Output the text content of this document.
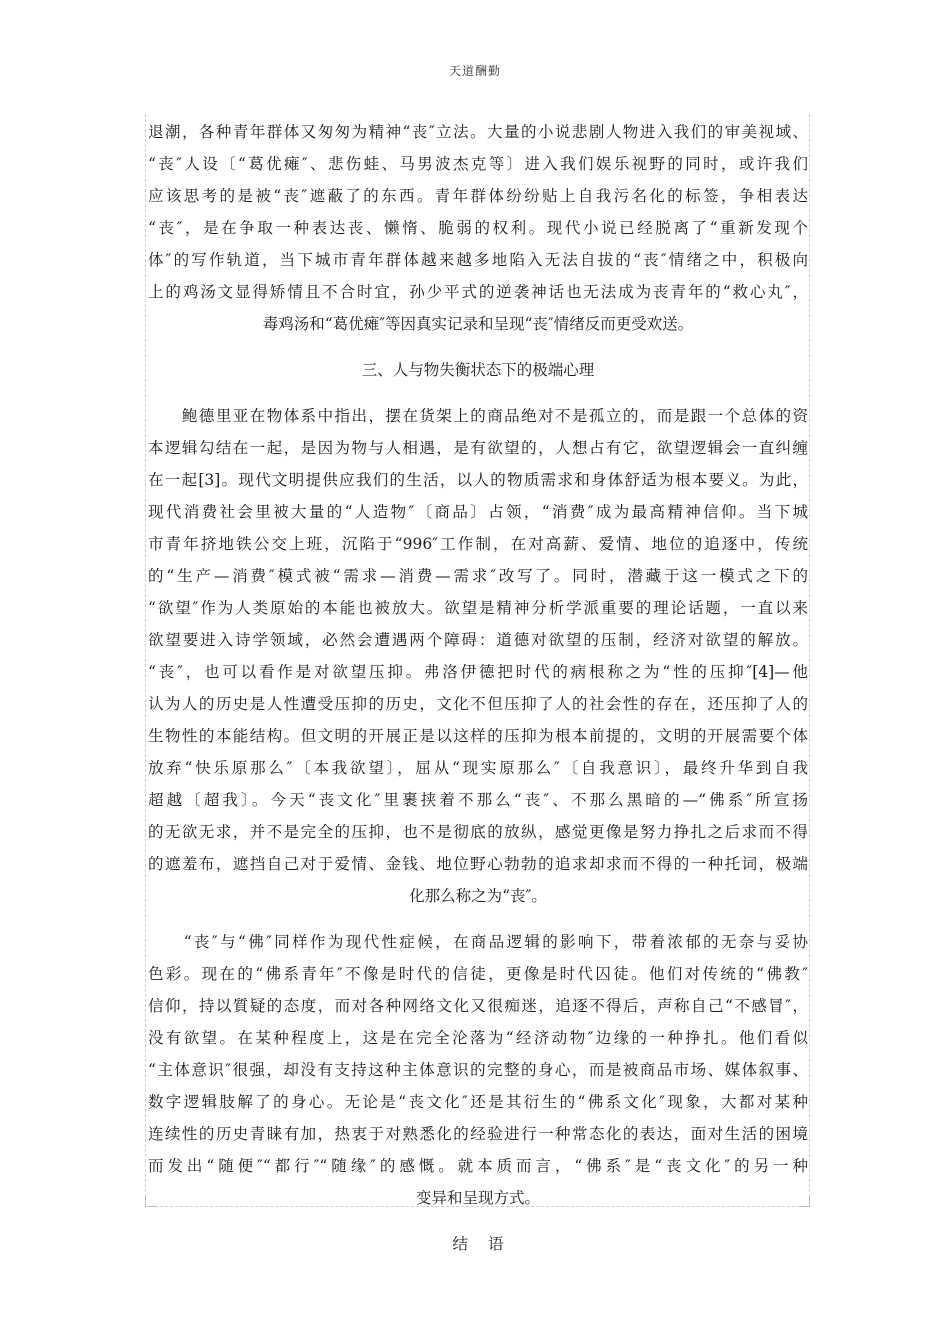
天道酬勤
退潮，各种青年群体又匆匆为精神“丧″立法。大量的小说悲剧人物进入我们的审美视域、
“丧″人设〔“葛优瘫″、悲伤蛙、马男波杰克等〕进入我们娱乐视野的同时，或许我们
应该思考的是被“丧″遮蔽了的东西。青年群体纷纷贴上自我污名化的标签，争相表达
“丧″，是在争取一种表达丧、懒惰、脆弱的权利。现代小说已经脱离了“重新发现个
体″的写作轨道，当下城市青年群体越来越多地陷入无法自拔的“丧″情绪之中，积极向
上的鸡汤文显得矫情且不合时宜，孙少平式的逆袭神话也无法成为丧青年的“救心丸″，
毒鸡汤和“葛优瘫″等因真实记录和呈现“丧″情绪反而更受欢送。
三、人与物失衡状态下的极端心理
　　鲍德里亚在物体系中指出，摆在货架上的商品绝对不是孤立的，而是跟一个总体的资
本逻辑勾结在一起，是因为物与人相遇，是有欲望的，人想占有它，欲望逻辑会一直纠缠
在一起[3]。现代文明提供应我们的生活，以人的物质需求和身体舒适为根本要义。为此，
现代消费社会里被大量的“人造物″〔商品〕占领，“消费″成为最高精神信仰。当下城
市青年挤地铁公交上班，沉陷于“996″工作制，在对高薪、爱情、地位的追逐中，传统
的“生产—消费″模式被“需求—消费—需求″改写了。同时，潜藏于这一模式之下的
“欲望″作为人类原始的本能也被放大。欲望是精神分析学派重要的理论话题，一直以来
欲望要进入诗学领域，必然会遭遇两个障碍：道德对欲望的压制，经济对欲望的解放。
“丧″，也可以看作是对欲望压抑。弗洛伊德把时代的病根称之为“性的压抑″[4]—他
认为人的历史是人性遭受压抑的历史，文化不但压抑了人的社会性的存在，还压抑了人的
生物性的本能结构。但文明的开展正是以这样的压抑为根本前提的，文明的开展需要个体
放弃“快乐原那么″〔本我欲望〕，屈从“现实原那么″〔自我意识〕，最终升华到自我
超越〔超我〕。今天“丧文化″里裹挟着不那么“丧″、不那么黑暗的—“佛系″所宣扬
的无欲无求，并不是完全的压抑，也不是彻底的放纵，感觉更像是努力挣扎之后求而不得
的遮羞布，遮挡自己对于爱情、金钱、地位野心勃勃的追求却求而不得的一种托词，极端
化那么称之为“丧″。
　　“丧″与“佛″同样作为现代性症候，在商品逻辑的影响下，带着浓郁的无奈与妥协
色彩。现在的“佛系青年″不像是时代的信徒，更像是时代囚徒。他们对传统的“佛教″
信仰，持以質疑的态度，而对各种网络文化又很痴迷，追逐不得后，声称自己“不感冒″，
没有欲望。在某种程度上，这是在完全沦落为“经济动物″边缘的一种挣扎。他们看似
“主体意识″很强，却没有支持这种主体意识的完整的身心，而是被商品市场、媒体叙事、
数字逻辑肢解了的身心。无论是“丧文化″还是其衍生的“佛系文化″现象，大都对某种
连续性的历史青睐有加，热衷于对熟悉化的经验进行一种常态化的表达，面对生活的困境
而发出“随便″“都行″“随缘″的感慨。就本质而言，“佛系″是“丧文化″的另一种
变异和呈现方式。
结语
